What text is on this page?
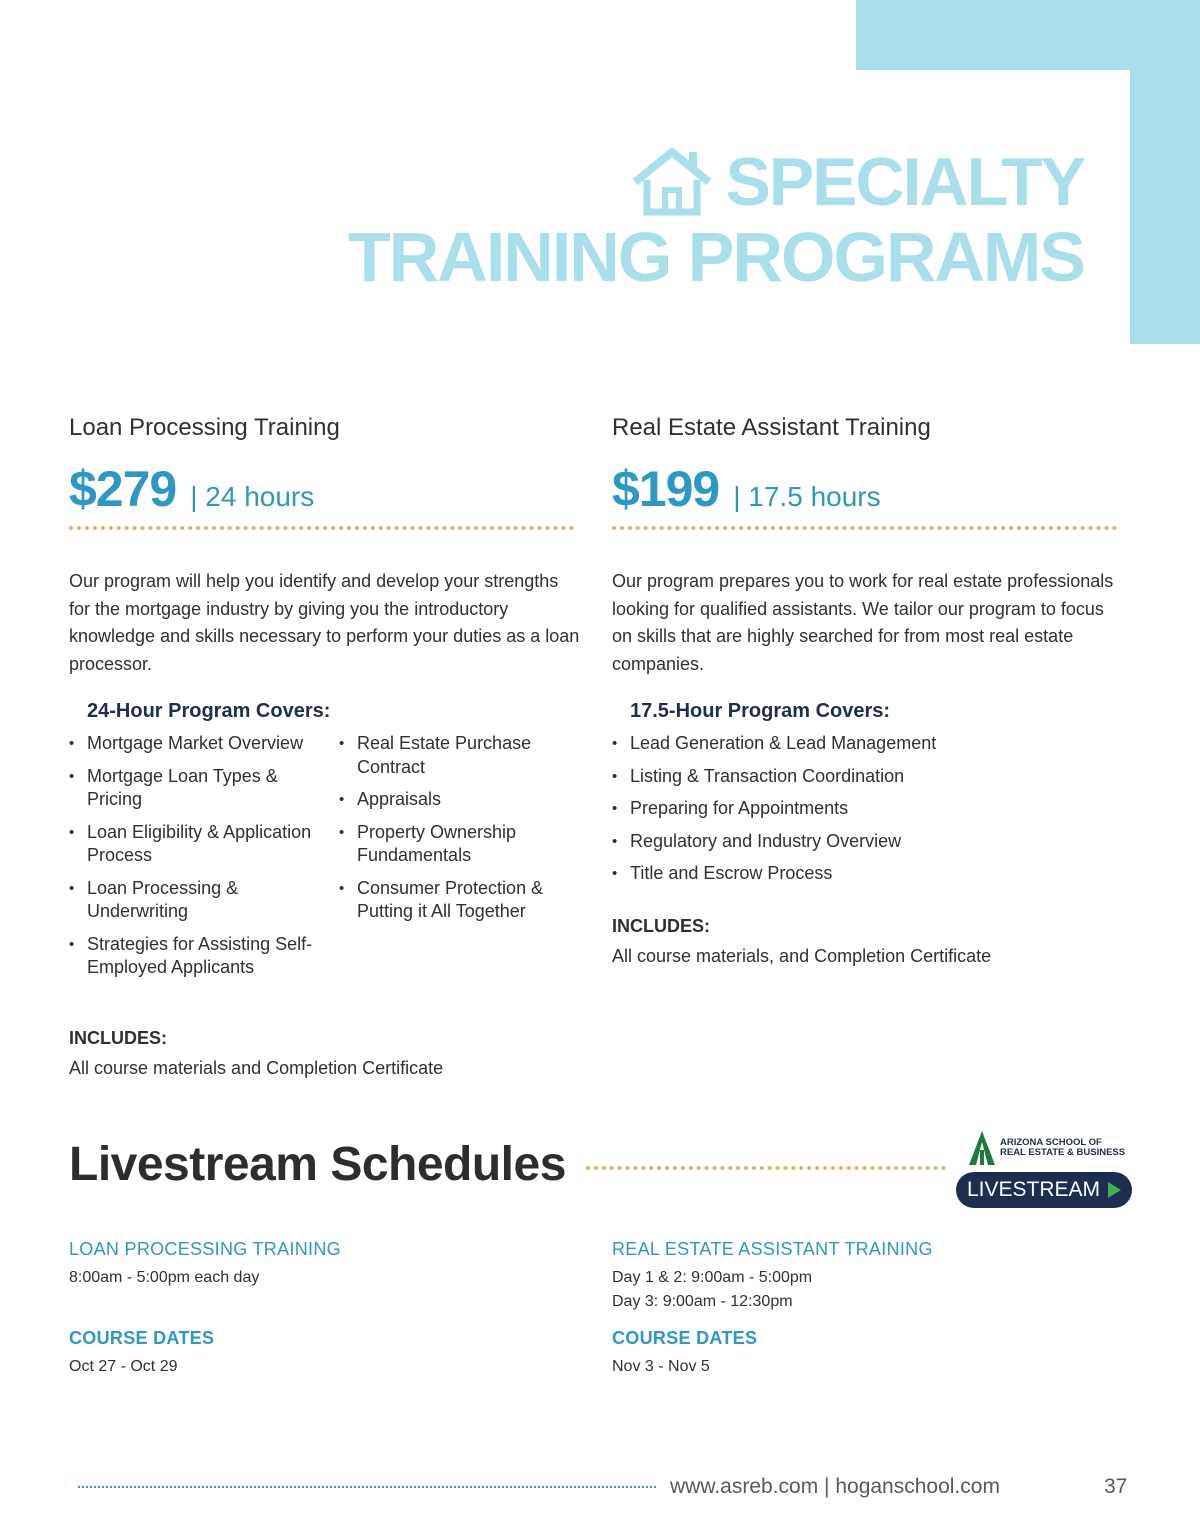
SPECIALTY
TRAINING PROGRAMS
Loan Processing Training
$279 | 24 hours
Our program will help you identify and develop your strengths for the mortgage industry by giving you the introductory knowledge and skills necessary to perform your duties as a loan processor.
24-Hour Program Covers:
• Mortgage Market Overview
• Mortgage Loan Types & Pricing
• Loan Eligibility & Application Process
• Loan Processing & Underwriting
• Strategies for Assisting Self-Employed Applicants
• Real Estate Purchase Contract
• Appraisals
• Property Ownership Fundamentals
• Consumer Protection & Putting it All Together
INCLUDES:
All course materials and Completion Certificate
Real Estate Assistant Training
$199 | 17.5 hours
Our program prepares you to work for real estate professionals looking for qualified assistants. We tailor our program to focus on skills that are highly searched for from most real estate companies.
17.5-Hour Program Covers:
• Lead Generation & Lead Management
• Listing & Transaction Coordination
• Preparing for Appointments
• Regulatory and Industry Overview
• Title and Escrow Process
INCLUDES:
All course materials, and Completion Certificate
Livestream Schedules	ARIZONA SCHOOL OF
REAL ESTATE & BUSINESS
LIVESTREAM
LOAN PROCESSING TRAINING
8:00am - 5:00pm each day
COURSE DATES
Oct 27 - Oct 29
REAL ESTATE ASSISTANT TRAINING
Day 1 & 2: 9:00am - 5:00pm
Day 3: 9:00am - 12:30pm
COURSE DATES
Nov 3 - Nov 5
www.asreb.com | hoganschool.com	37
